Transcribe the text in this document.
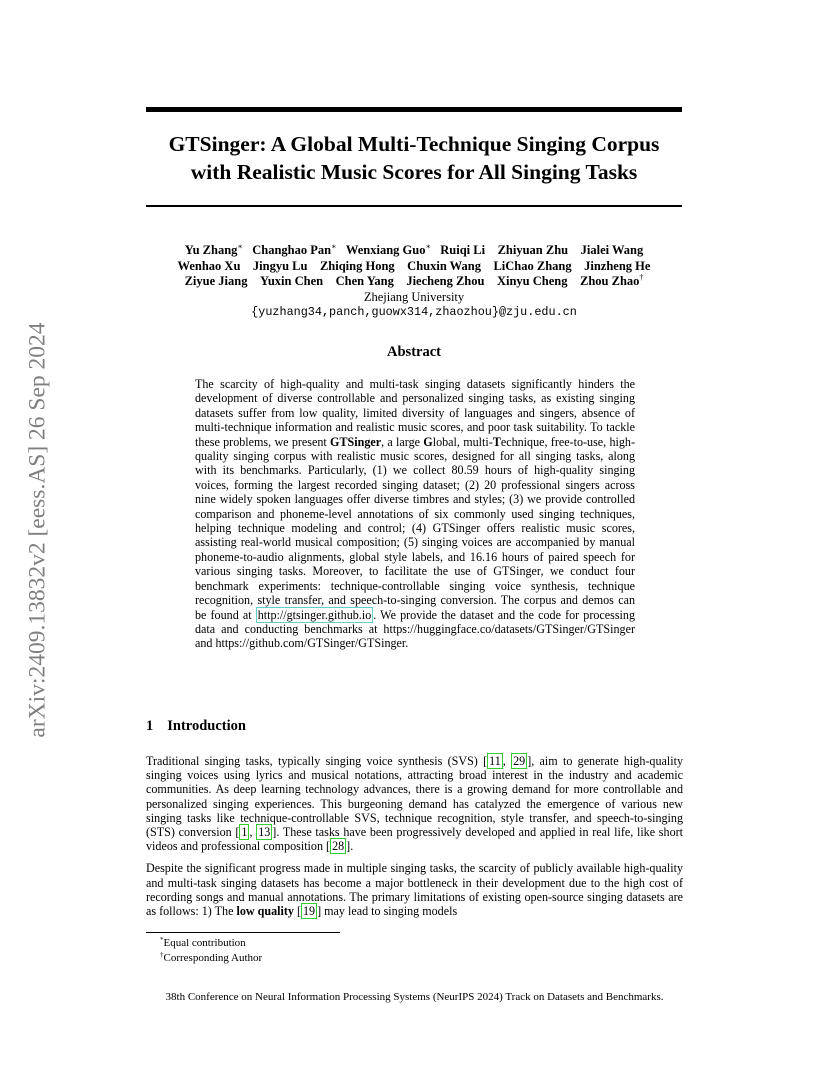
arXiv:2409.13832v2 [eess.AS] 26 Sep 2024
GTSinger: A Global Multi-Technique Singing Corpus
with Realistic Music Scores for All Singing Tasks
Yu Zhang∗ Changhao Pan∗ Wenxiang Guo∗ Ruiqi Li Zhiyuan Zhu Jialei Wang
Wenhao Xu Jingyu Lu Zhiqing Hong Chuxin Wang LiChao Zhang Jinzheng He
Ziyue Jiang Yuxin Chen Chen Yang Jiecheng Zhou Xinyu Cheng Zhou Zhao†
Zhejiang University
{yuzhang34,panch,guowx314,zhaozhou}@zju.edu.cn
Abstract
The scarcity of high-quality and multi-task singing datasets significantly hinders the development of diverse controllable and personalized singing tasks, as existing singing datasets suffer from low quality, limited diversity of languages and singers, absence of multi-technique information and realistic music scores, and poor task suitability. To tackle these problems, we present GTSinger, a large Global, multi-Technique, free-to-use, high-quality singing corpus with realistic music scores, designed for all singing tasks, along with its benchmarks. Particularly, (1) we collect 80.59 hours of high-quality singing voices, forming the largest recorded singing dataset; (2) 20 professional singers across nine widely spoken languages offer diverse timbres and styles; (3) we provide controlled comparison and phoneme-level annotations of six commonly used singing techniques, helping technique modeling and control; (4) GTSinger offers realistic music scores, assisting real-world musical composition; (5) singing voices are accompanied by manual phoneme-to-audio alignments, global style labels, and 16.16 hours of paired speech for various singing tasks. Moreover, to facilitate the use of GTSinger, we conduct four benchmark experiments: technique-controllable singing voice synthesis, technique recognition, style transfer, and speech-to-singing conversion. The corpus and demos can be found at http://gtsinger.github.io . We provide the dataset and the code for processing data and conducting benchmarks at https://huggingface.co/datasets/GTSinger/GTSinger and https://github.com/GTSinger/GTSinger.
1 Introduction

Traditional singing tasks, typically singing voice synthesis (SVS) [ 11 , 29 ], aim to generate high-quality singing voices using lyrics and musical notations, attracting broad interest in the industry and academic communities. As deep learning technology advances, there is a growing demand for more controllable and personalized singing experiences. This burgeoning demand has catalyzed the emergence of various new singing tasks like technique-controllable SVS, technique recognition, style transfer, and speech-to-singing (STS) conversion [ 1 , 13 ]. These tasks have been progressively developed and applied in real life, like short videos and professional composition [ 28 ].

Despite the significant progress made in multiple singing tasks, the scarcity of publicly available high-quality and multi-task singing datasets has become a major bottleneck in their development due to the high cost of recording songs and manual annotations. The primary limitations of existing open-source singing datasets are as follows: 1) The low quality [ 19 ] may lead to singing models

*Equal contribution
†Corresponding Author
38th Conference on Neural Information Processing Systems (NeurIPS 2024) Track on Datasets and Benchmarks.
